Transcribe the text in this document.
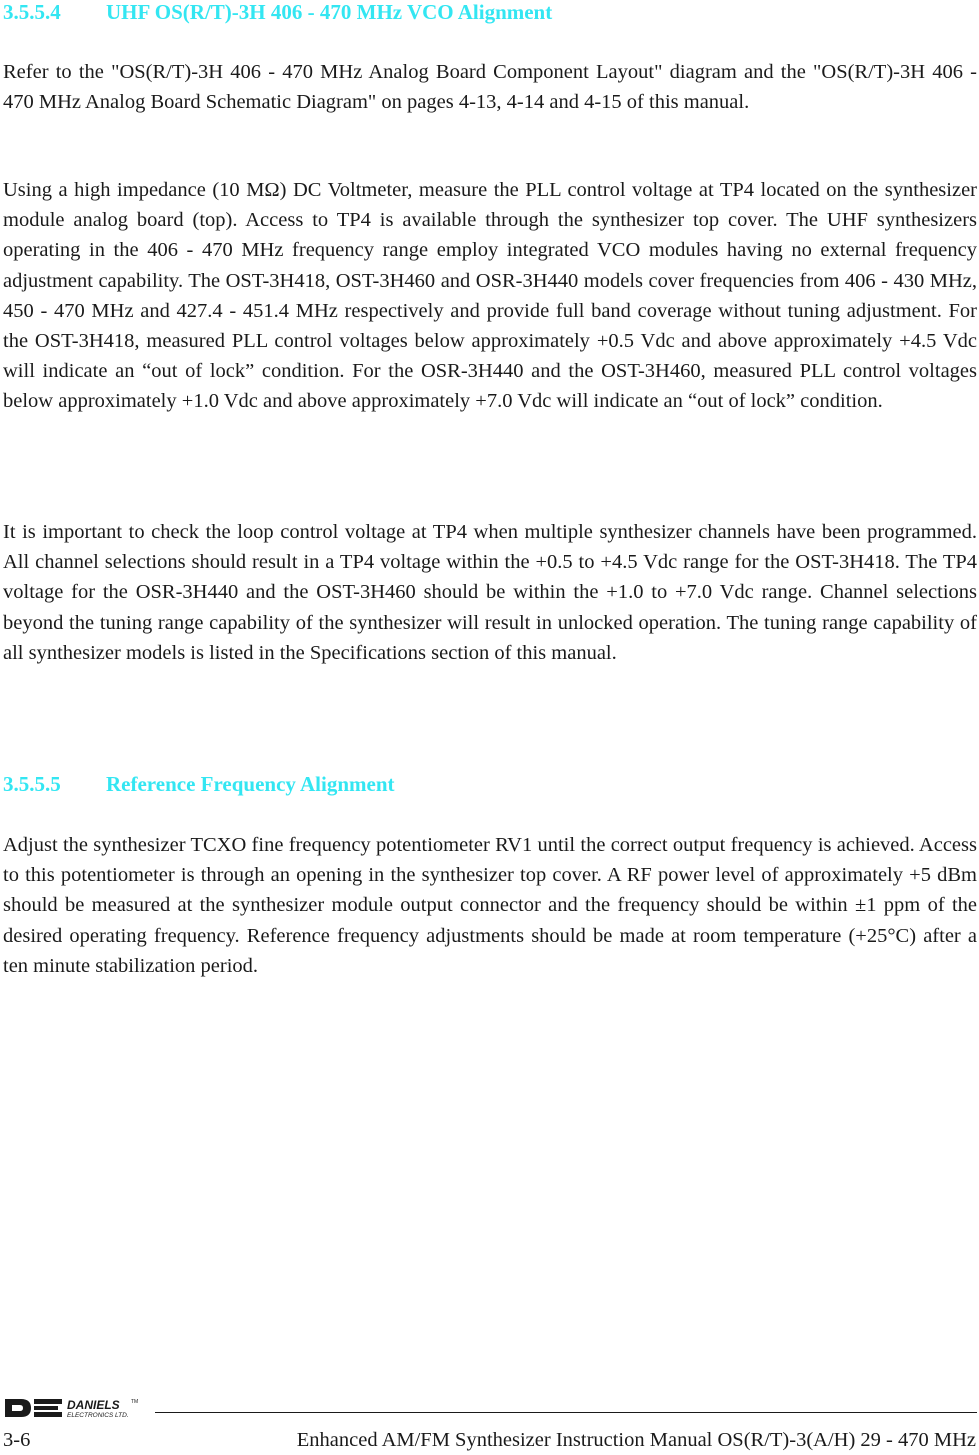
3.5.5.4 UHF OS(R/T)-3H 406 - 470 MHz VCO Alignment

Refer to the "OS(R/T)-3H 406 - 470 MHz Analog Board Component Layout" diagram and the "OS(R/T)-3H 406 - 470 MHz Analog Board Schematic Diagram" on pages 4-13, 4-14 and 4-15 of this manual.

Using a high impedance (10 MΩ) DC Voltmeter, measure the PLL control voltage at TP4 located on the synthesizer module analog board (top). Access to TP4 is available through the synthesizer top cover. The UHF synthesizers operating in the 406 - 470 MHz frequency range employ integrated VCO modules having no external frequency adjustment capability. The OST-3H418, OST-3H460 and OSR-3H440 models cover frequencies from 406 - 430 MHz, 450 - 470 MHz and 427.4 - 451.4 MHz respectively and provide full band coverage without tuning adjustment. For the OST-3H418, measured PLL control voltages below approximately +0.5 Vdc and above approximately +4.5 Vdc will indicate an “out of lock” condition. For the OSR-3H440 and the OST-3H460, measured PLL control voltages below approximately +1.0 Vdc and above approximately +7.0 Vdc will indicate an “out of lock” condition.

It is important to check the loop control voltage at TP4 when multiple synthesizer channels have been programmed. All channel selections should result in a TP4 voltage within the +0.5 to +4.5 Vdc range for the OST-3H418. The TP4 voltage for the OSR-3H440 and the OST-3H460 should be within the +1.0 to +7.0 Vdc range. Channel selections beyond the tuning range capability of the synthesizer will result in unlocked operation. The tuning range capability of all synthesizer models is listed in the Specifications section of this manual.

3.5.5.5 Reference Frequency Alignment

Adjust the synthesizer TCXO fine frequency potentiometer RV1 until the correct output frequency is achieved. Access to this potentiometer is through an opening in the synthesizer top cover. A RF power level of approximately +5 dBm should be measured at the synthesizer module output connector and the frequency should be within ±1 ppm of the desired operating frequency. Reference frequency adjustments should be made at room temperature (+25°C) after a ten minute stabilization period.

DANIELS TM
ELECTRONICS LTD.
3-6	Enhanced AM/FM Synthesizer Instruction Manual OS(R/T)-3(A/H) 29 - 470 MHz
